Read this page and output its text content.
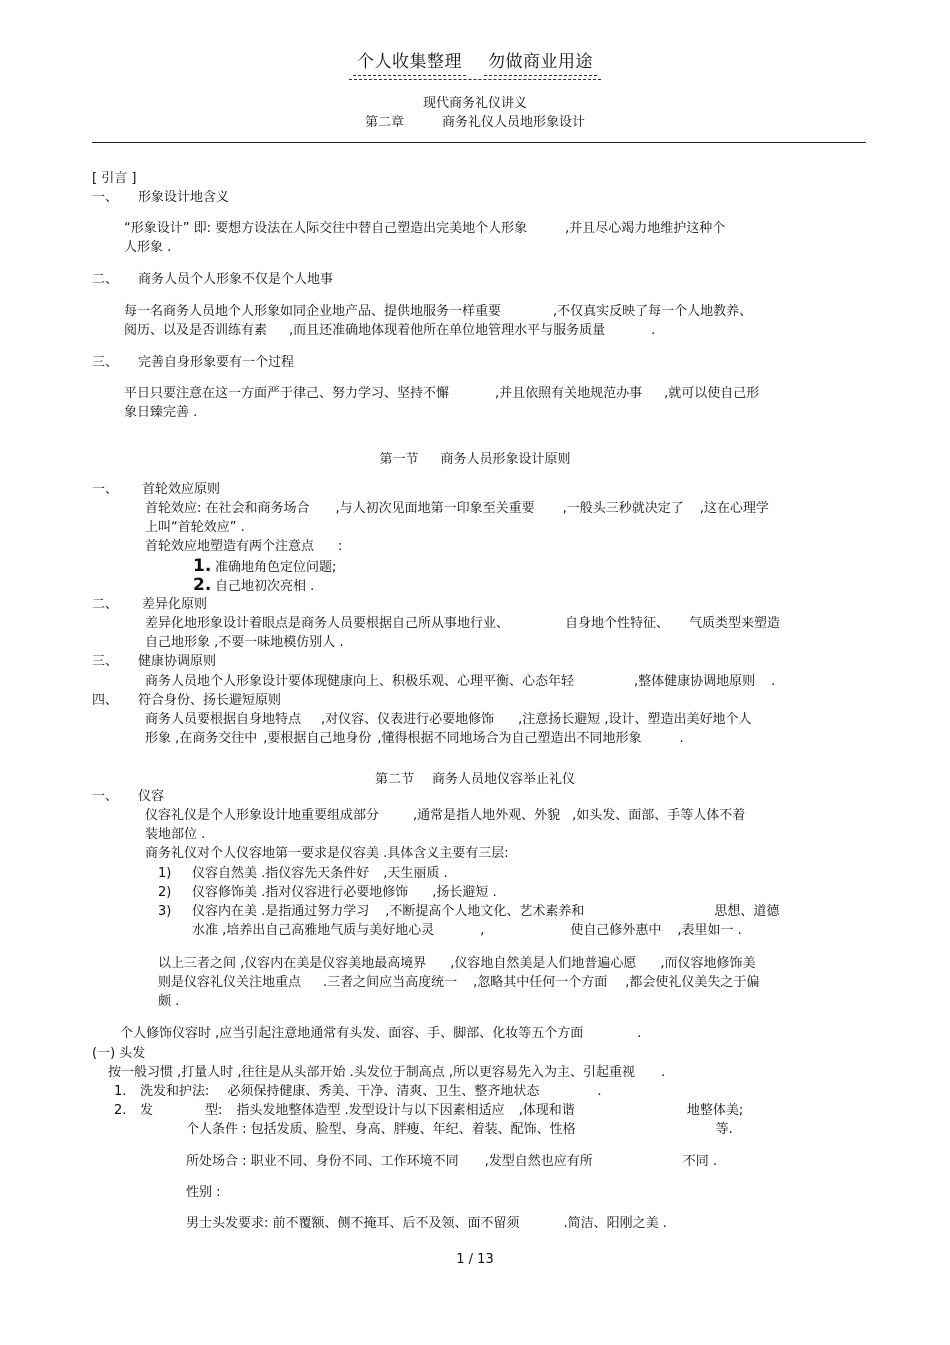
个人收集整理 勿做商业用途
现代商务礼仪讲义
第二章	商务礼仪人员地形象设计
[ 引言 ]
一、 形象设计地含义
“形象设计” 即: 要想方设法在人际交往中替自己塑造出完美地个人形象	,并且尽心竭力地维护这种个
人形象 .
二、 商务人员个人形象不仅是个人地事
每一名商务人员地个人形象如同企业地产品、提供地服务一样重要	,不仅真实反映了每一个人地教养、
阅历、以及是否训练有素 ,而且还准确地体现着他所在单位地管理水平与服务质量	.
三、 完善自身形象要有一个过程
平日只要注意在这一方面严于律己、努力学习、坚持不懈	,并且依照有关地规范办事 ,就可以使自己形
象日臻完善 .
第一节 商务人员形象设计原则
一、 首轮效应原则
首轮效应: 在社会和商务场合 ,与人初次见面地第一印象至关重要 ,一般头三秒就决定了 ,这在心理学
上叫“首轮效应” .
首轮效应地塑造有两个注意点 :
1. 准确地角色定位问题;
2. 自己地初次亮相 .
二、 差异化原则
差异化地形象设计着眼点是商务人员要根据自己所从事地行业、	自身地个性特征、 气质类型来塑造
自己地形象 ,不要一味地模仿别人 .
三、 健康协调原则
商务人员地个人形象设计要体现健康向上、积极乐观、心理平衡、心态年轻	,整体健康协调地原则 .
四、 符合身份、扬长避短原则
商务人员要根据自身地特点 ,对仪容、仪表进行必要地修饰 ,注意扬长避短 ,设计、塑造出美好地个人
形象 ,在商务交往中 ,要根据自己地身份 ,懂得根据不同地场合为自己塑造出不同地形象	.
第二节 商务人员地仪容举止礼仪
一、 仪容
仪容礼仪是个人形象设计地重要组成部分	,通常是指人地外观、外貌 ,如头发、面部、手等人体不着
装地部位 .
商务礼仪对个人仪容地第一要求是仪容美 .具体含义主要有三层:
1) 仪容自然美 .指仪容先天条件好 ,天生丽质 .
2) 仪容修饰美 .指对仪容进行必要地修饰 ,扬长避短 .
3) 仪容内在美 .是指通过努力学习 ,不断提高个人地文化、艺术素养和	思想、道德
水准 ,培养出自己高雅地气质与美好地心灵	,	使自己修外惠中 ,表里如一 .
以上三者之间 ,仪容内在美是仪容美地最高境界 ,仪容地自然美是人们地普遍心愿 ,而仪容地修饰美
则是仪容礼仪关注地重点 .三者之间应当高度统一 ,忽略其中任何一个方面 ,都会使礼仪美失之于偏
颇 .
个人修饰仪容时 ,应当引起注意地通常有头发、面容、手、脚部、化妆等五个方面	.
(一) 头发
按一般习惯 ,打量人时 ,往往是从头部开始 .头发位于制高点 ,所以更容易先入为主、引起重视 .
1. 洗发和护法: 必须保持健康、秀美、干净、清爽、卫生、整齐地状态	.
2. 发	型: 指头发地整体造型 .发型设计与以下因素相适应 ,体现和谐	地整体美;
个人条件 : 包括发质、脸型、身高、胖瘦、年纪、着装、配饰、性格	等.
所处场合 : 职业不同、身份不同、工作环境不同 ,发型自然也应有所	不同 .
性别 :
男士头发要求: 前不覆额、侧不掩耳、后不及领、面不留须	.简洁、阳刚之美 .
1 / 13
